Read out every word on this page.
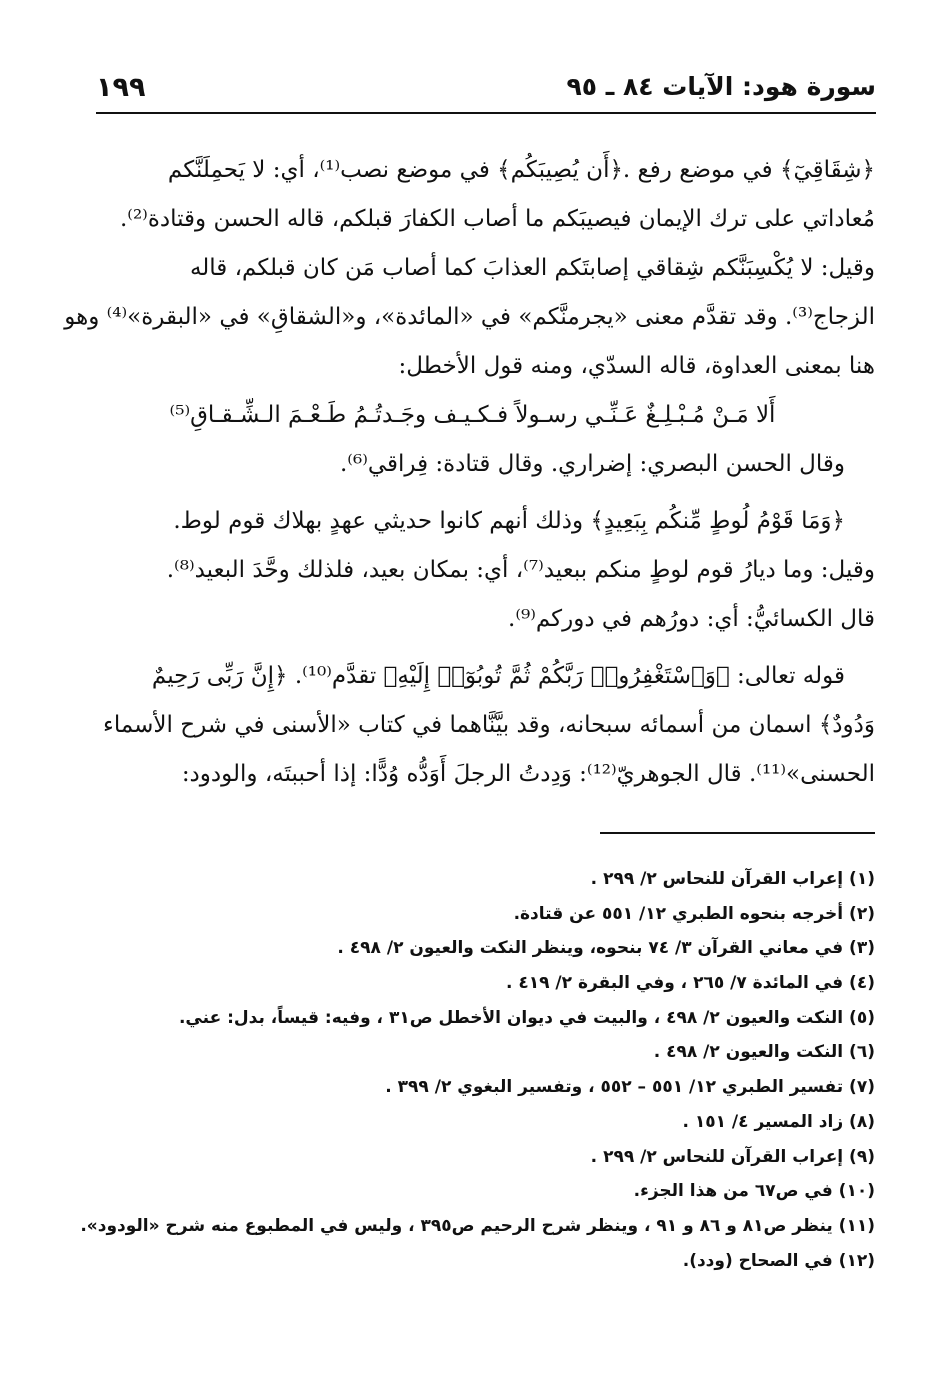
سورة هود: الآيات ٨٤ ـ ٩٥
١٩٩
﴿شِقَاقِيٓ﴾ في موضع رفع .﴿أَن يُصِيبَكُم﴾ في موضع نصب⁽¹⁾، أي: لا يَحمِلَنَّكم
مُعاداتي على ترك الإيمان فيصيبَكم ما أصاب الكفارَ قبلكم، قاله الحسن وقتادة⁽²⁾.
وقيل: لا يُكْسِبَنَّكم شِقاقي إصابتَكم العذابَ كما أصاب مَن كان قبلكم، قاله
الزجاج⁽³⁾. وقد تقدَّم معنى «يجرمنَّكم» في «المائدة»، و«الشقاقِ» في «البقرة»⁽⁴⁾ وهو
هنا بمعنى العداوة، قاله السدّي، ومنه قول الأخطل:
أَلا مَـنْ مُـبْـلِـغٌ عَـنِّـي رسـولاً فـكـيـف وجَـدتُـمُ طَـعْـمَ الـشِّـقـاقِ⁽⁵⁾
وقال الحسن البصري: إضراري. وقال قتادة: فِراقي⁽⁶⁾.
﴿وَمَا قَوْمُ لُوطٍ مِّنكُم بِبَعِيدٍ﴾ وذلك أنهم كانوا حديثي عهدٍ بهلاك قوم لوط.
وقيل: وما ديارُ قوم لوطٍ منكم ببعيد⁽⁷⁾، أي: بمكان بعيد، فلذلك وحَّدَ البعيد⁽⁸⁾.
قال الكسائيُّ: أي: دورُهم في دوركم⁽⁹⁾.
قوله تعالى: ﴿وَٱسْتَغْفِرُوا۟ رَبَّكُمْ ثُمَّ تُوبُوٓا۟ إِلَيْهِ﴾ تقدَّم⁽¹⁰⁾. ﴿إِنَّ رَبِّى رَحِيمٌ
وَدُودٌ﴾ اسمان من أسمائه سبحانه، وقد بيَّنَّاهما في كتاب «الأسنى في شرح الأسماء
الحسنى»⁽¹¹⁾. قال الجوهريّ⁽¹²⁾: وَدِدتُ الرجلَ أَوَدُّه وُدًّا: إذا أحببتَه، والودود:
(١) إعراب القرآن للنحاس ٢/ ٢٩٩ .
(٢) أخرجه بنحوه الطبري ١٢/ ٥٥١ عن قتادة.
(٣) في معاني القرآن ٣/ ٧٤ بنحوه، وينظر النكت والعيون ٢/ ٤٩٨ .
(٤) في المائدة ٧/ ٢٦٥ ، وفي البقرة ٢/ ٤١٩ .
(٥) النكت والعيون ٢/ ٤٩٨ ، والبيت في ديوان الأخطل ص٣١ ، وفيه: قيساً، بدل: عني.
(٦) النكت والعيون ٢/ ٤٩٨ .
(٧) تفسير الطبري ١٢/ ٥٥١ – ٥٥٢ ، وتفسير البغوي ٢/ ٣٩٩ .
(٨) زاد المسير ٤/ ١٥١ .
(٩) إعراب القرآن للنحاس ٢/ ٢٩٩ .
(١٠) في ص٦٧ من هذا الجزء.
(١١) ينظر ص٨١ و ٨٦ و ٩١ ، وينظر شرح الرحيم ص٣٩٥ ، وليس في المطبوع منه شرح «الودود».
(١٢) في الصحاح (ودد).
